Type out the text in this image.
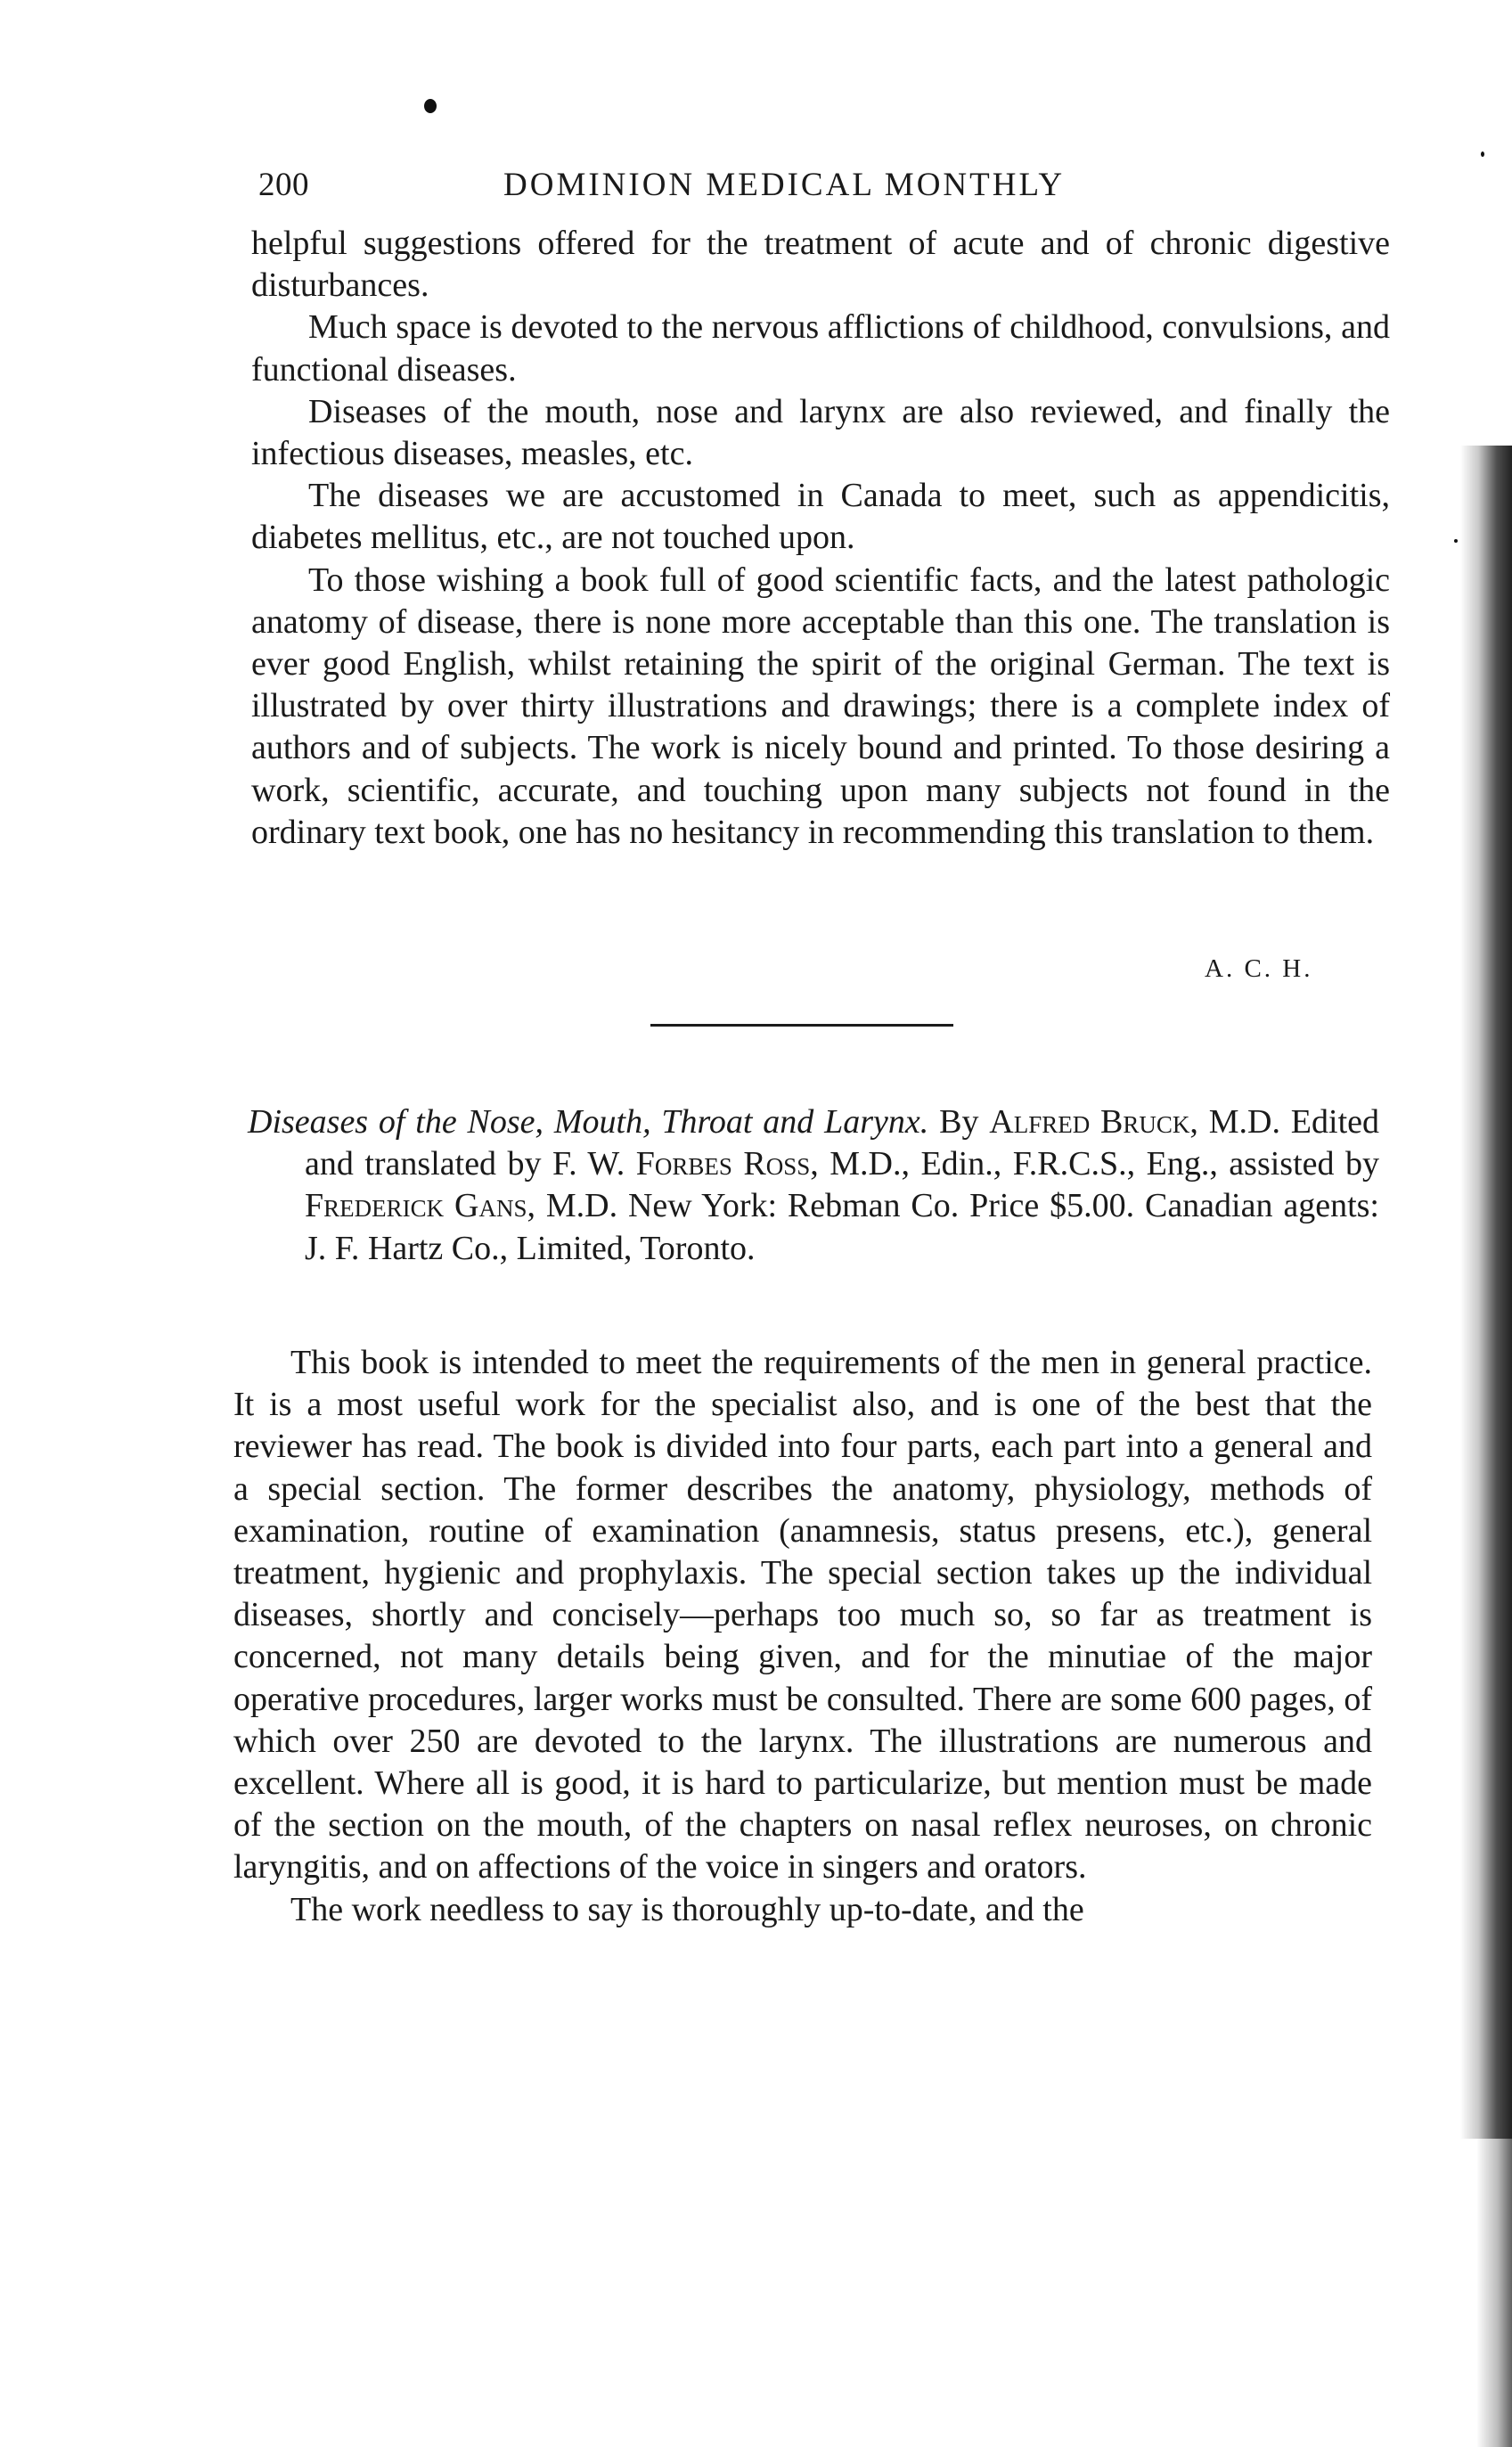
200	DOMINION MEDICAL MONTHLY

helpful suggestions offered for the treatment of acute and of chronic digestive disturbances.

Much space is devoted to the nervous afflictions of childhood, convulsions, and functional diseases.

Diseases of the mouth, nose and larynx are also reviewed, and finally the infectious diseases, measles, etc.

The diseases we are accustomed in Canada to meet, such as appendicitis, diabetes mellitus, etc., are not touched upon.

To those wishing a book full of good scientific facts, and the latest pathologic anatomy of disease, there is none more acceptable than this one. The translation is ever good English, whilst retaining the spirit of the original German. The text is illustrated by over thirty illustrations and drawings; there is a complete index of authors and of subjects. The work is nicely bound and printed. To those desiring a work, scientific, accurate, and touching upon many subjects not found in the ordinary text book, one has no hesitancy in recommending this translation to them.

A. C. H.

Diseases of the Nose, Mouth, Throat and Larynx. By Alfred Bruck, M.D. Edited and translated by F. W. Forbes Ross, M.D., Edin., F.R.C.S., Eng., assisted by Frederick Gans, M.D. New York: Rebman Co. Price $5.00. Canadian agents: J. F. Hartz Co., Limited, Toronto.

This book is intended to meet the requirements of the men in general practice. It is a most useful work for the specialist also, and is one of the best that the reviewer has read. The book is divided into four parts, each part into a general and a special section. The former describes the anatomy, physiology, methods of examination, routine of examination (anamnesis, status presens, etc.), general treatment, hygienic and prophylaxis. The special section takes up the individual diseases, shortly and concisely—perhaps too much so, so far as treatment is concerned, not many details being given, and for the minutiae of the major operative procedures, larger works must be consulted. There are some 600 pages, of which over 250 are devoted to the larynx. The illustrations are numerous and excellent. Where all is good, it is hard to particularize, but mention must be made of the section on the mouth, of the chapters on nasal reflex neuroses, on chronic laryngitis, and on affections of the voice in singers and orators.

The work needless to say is thoroughly up-to-date, and the
